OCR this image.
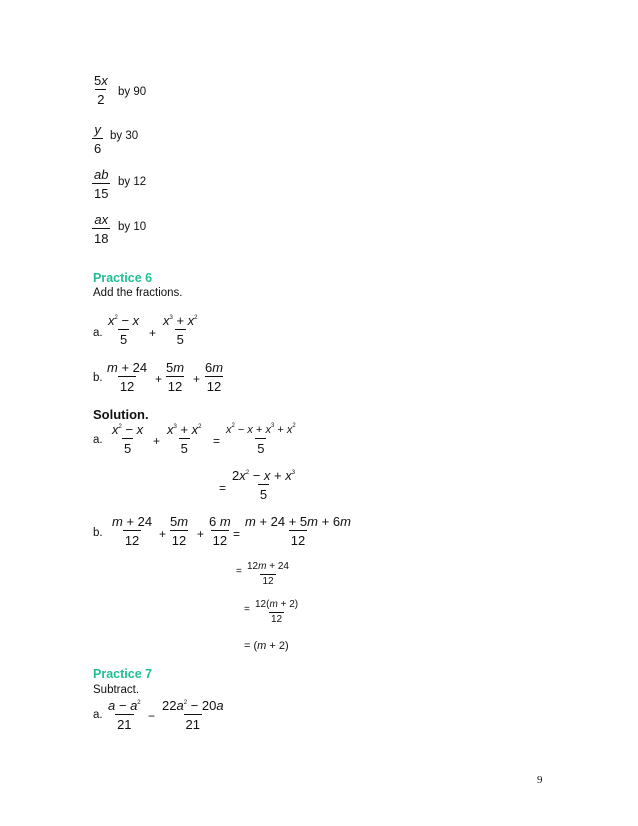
$\frac{5x}{2}$ by 90
$\frac{y}{6}$ by 30
$\frac{ab}{15}$ by 12
$\frac{ax}{18}$ by 10
Practice 6
Add the fractions.
a. $\frac{x^2 - x}{5} + \frac{x^3 + x^2}{5}$
b. $\frac{m + 24}{12} + \frac{5m}{12} + \frac{6m}{12}$
Solution.
a. $\frac{x^2 - x}{5} + \frac{x^3 + x^2}{5}$ =
$x^2 - x + x^3 + x^2$
5
= $\frac{2x^2 - x + x^3}{5}$
b. $\frac{m + 24}{12} + \frac{5m}{12} + \frac{6 m}{12} = \frac{m + 24 + 5m + 6m}{12}$
= $\frac{12m + 24}{12}$
= $\frac{12(m + 2)}{12}$
= (m + 2)
Practice 7
Subtract.
a. $\frac{a - a^2}{21} - \frac{22a^2 - 20a}{21}$
9
